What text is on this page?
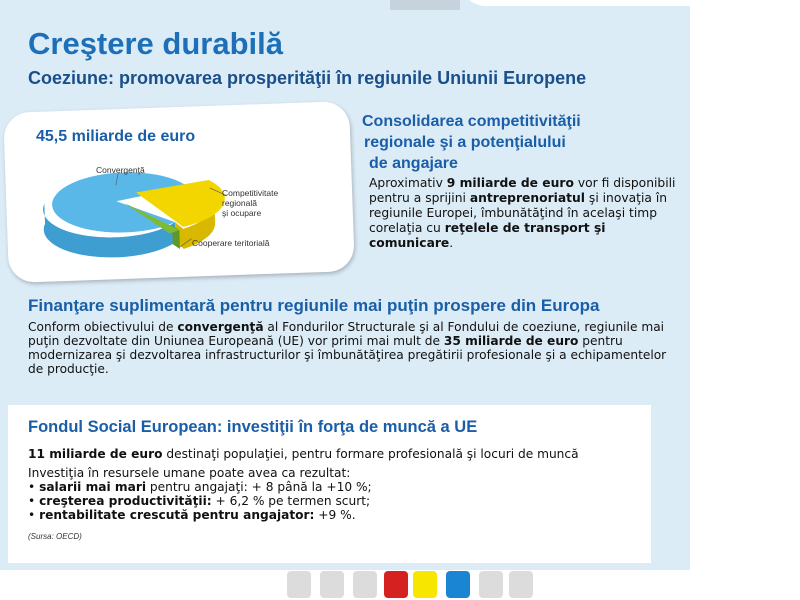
Creştere durabilă
Coeziune: promovarea prosperităţii în regiunile Uniunii Europene
45,5 miliarde de euro
Convergenţă
Competitivitate
regională
şi ocupare
Cooperare teritorială
Consolidarea competitivităţii
regionale şi a potenţialului
de angajare
Aproximativ 9 miliarde de euro vor fi disponibili pentru a sprijini antreprenoriatul şi inovaţia în regiunile Europei, îmbunătăţind în acelaşi timp corelaţia cu reţelele de transport şi comunicare.
Finanţare suplimentară pentru regiunile mai puţin prospere din Europa

Conform obiectivului de convergenţă al Fondurilor Structurale şi al Fondului de coeziune, regiunile mai puţin dezvoltate din Uniunea Europeană (UE) vor primi mai mult de 35 miliarde de euro pentru modernizarea şi dezvoltarea infrastructurilor şi îmbunătăţirea pregătirii profesionale şi a echipamentelor de producţie.

Fondul Social European: investiţii în forţa de muncă a UE
11 miliarde de euro destinaţi populaţiei, pentru formare profesională şi locuri de muncă
Investiţia în resursele umane poate avea ca rezultat:
• salarii mai mari pentru angajaţi: + 8 până la +10 %;
• creşterea productivităţii: + 6,2 % pe termen scurt;
• rentabilitate crescută pentru angajator: +9 %.
(Sursa: OECD)
